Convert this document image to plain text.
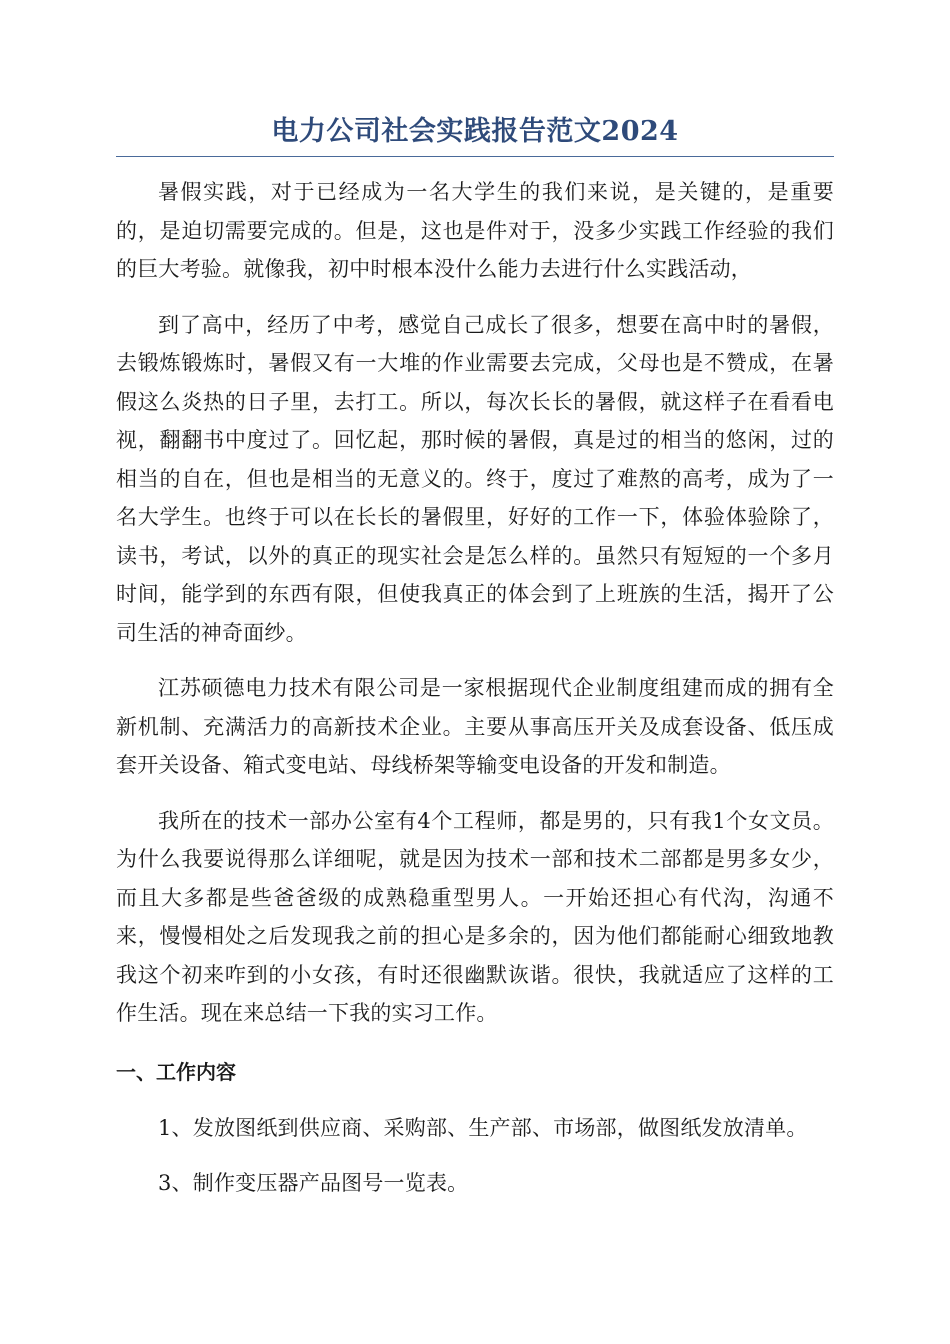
电力公司社会实践报告范文2024

暑假实践，对于已经成为一名大学生的我们来说，是关键的，是重要的，是迫切需要完成的。但是，这也是件对于，没多少实践工作经验的我们的巨大考验。就像我，初中时根本没什么能力去进行什么实践活动，

到了高中，经历了中考，感觉自己成长了很多，想要在高中时的暑假，去锻炼锻炼时，暑假又有一大堆的作业需要去完成，父母也是不赞成，在暑假这么炎热的日子里，去打工。所以，每次长长的暑假，就这样子在看看电视，翻翻书中度过了。回忆起，那时候的暑假，真是过的相当的悠闲，过的相当的自在，但也是相当的无意义的。终于，度过了难熬的高考，成为了一名大学生。也终于可以在长长的暑假里，好好的工作一下，体验体验除了，读书，考试，以外的真正的现实社会是怎么样的。虽然只有短短的一个多月时间，能学到的东西有限，但使我真正的体会到了上班族的生活，揭开了公司生活的神奇面纱。

江苏硕德电力技术有限公司是一家根据现代企业制度组建而成的拥有全新机制、充满活力的高新技术企业。主要从事高压开关及成套设备、低压成套开关设备、箱式变电站、母线桥架等输变电设备的开发和制造。

我所在的技术一部办公室有4个工程师，都是男的，只有我1个女文员。为什么我要说得那么详细呢，就是因为技术一部和技术二部都是男多女少，而且大多都是些爸爸级的成熟稳重型男人。一开始还担心有代沟，沟通不来，慢慢相处之后发现我之前的担心是多余的，因为他们都能耐心细致地教我这个初来咋到的小女孩，有时还很幽默诙谐。很快，我就适应了这样的工作生活。现在来总结一下我的实习工作。

一、工作内容

1、发放图纸到供应商、采购部、生产部、市场部，做图纸发放清单。

3、制作变压器产品图号一览表。
